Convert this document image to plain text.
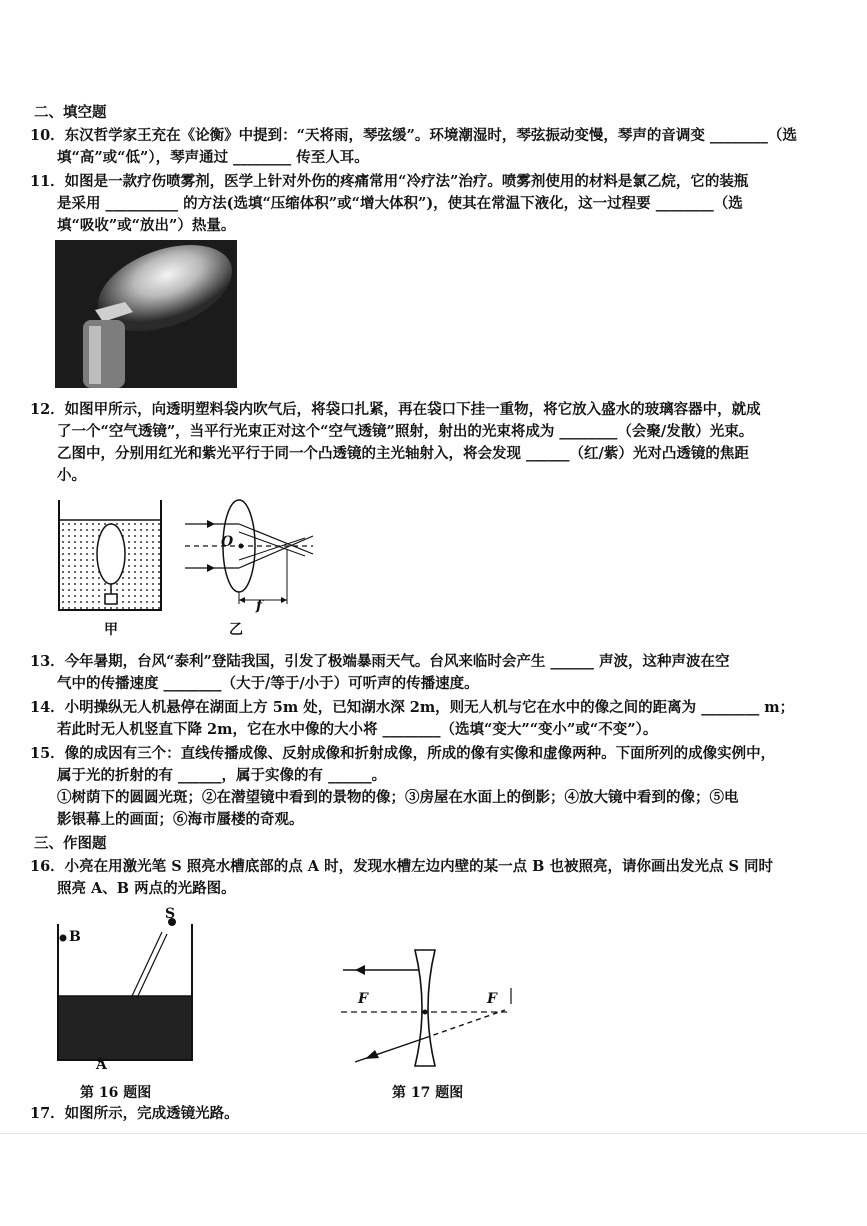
二、填空题
10．东汉哲学家王充在《论衡》中提到：“天将雨，琴弦缓”。环境潮湿时，琴弦振动变慢，琴声的音调变 ________（选
填“高”或“低”），琴声通过 ________ 传至人耳。
11．如图是一款疗伤喷雾剂，医学上针对外伤的疼痛常用“冷疗法”治疗。喷雾剂使用的材料是氯乙烷，它的装瓶
是采用 __________ 的方法(选填“压缩体积”或“增大体积”)，使其在常温下液化，这一过程要 ________（选
填“吸收”或“放出”）热量。
12．如图甲所示，向透明塑料袋内吹气后，将袋口扎紧，再在袋口下挂一重物，将它放入盛水的玻璃容器中，就成
了一个“空气透镜”，当平行光束正对这个“空气透镜”照射，射出的光束将成为 ________（会聚/发散）光束。
乙图中，分别用红光和紫光平行于同一个凸透镜的主光轴射入，将会发现 ______（红/紫）光对凸透镜的焦距
小。
甲
O
f
乙
13．今年暑期，台风“泰利”登陆我国，引发了极端暴雨天气。台风来临时会产生 ______ 声波，这种声波在空
气中的传播速度 ________（大于/等于/小于）可听声的传播速度。
14．小明操纵无人机悬停在湖面上方 5m 处，已知湖水深 2m，则无人机与它在水中的像之间的距离为 ________ m；
若此时无人机竖直下降 2m，它在水中像的大小将 ________（选填“变大”“变小”或“不变”）。
15．像的成因有三个：直线传播成像、反射成像和折射成像，所成的像有实像和虚像两种。下面所列的成像实例中，
属于光的折射的有 ______，属于实像的有 ______。
①树荫下的圆圆光斑；②在潜望镜中看到的景物的像；③房屋在水面上的倒影；④放大镜中看到的像；⑤电
影银幕上的画面；⑥海市蜃楼的奇观。
三、作图题
16．小亮在用激光笔 S 照亮水槽底部的点 A 时，发现水槽左边内壁的某一点 B 也被照亮，请你画出发光点 S 同时
照亮 A、B 两点的光路图。
S
B
A
第 16 题图
F	F
第 17 题图
17．如图所示，完成透镜光路。
